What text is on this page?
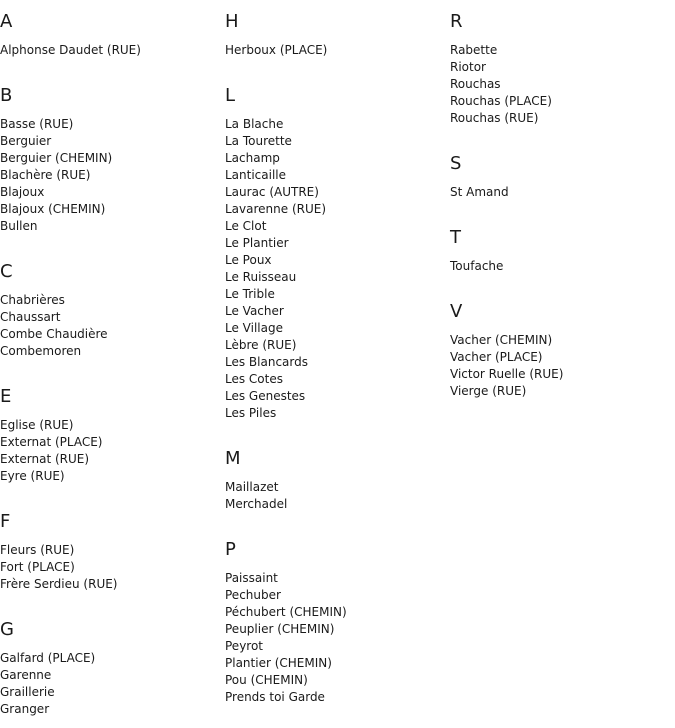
A
Alphonse Daudet (RUE)
B
Basse (RUE)
Berguier
Berguier (CHEMIN)
Blachère (RUE)
Blajoux
Blajoux (CHEMIN)
Bullen
C
Chabrières
Chaussart
Combe Chaudière
Combemoren
E
Eglise (RUE)
Externat (PLACE)
Externat (RUE)
Eyre (RUE)
F
Fleurs (RUE)
Fort (PLACE)
Frère Serdieu (RUE)
G
Galfard (PLACE)
Garenne
Graillerie
Granger
H
Herboux (PLACE)
L
La Blache
La Tourette
Lachamp
Lanticaille
Laurac (AUTRE)
Lavarenne (RUE)
Le Clot
Le Plantier
Le Poux
Le Ruisseau
Le Trible
Le Vacher
Le Village
Lèbre (RUE)
Les Blancards
Les Cotes
Les Genestes
Les Piles
M
Maillazet
Merchadel
P
Paissaint
Pechuber
Péchubert (CHEMIN)
Peuplier (CHEMIN)
Peyrot
Plantier (CHEMIN)
Pou (CHEMIN)
Prends toi Garde
R
Rabette
Riotor
Rouchas
Rouchas (PLACE)
Rouchas (RUE)
S
St Amand
T
Toufache
V
Vacher (CHEMIN)
Vacher (PLACE)
Victor Ruelle (RUE)
Vierge (RUE)
